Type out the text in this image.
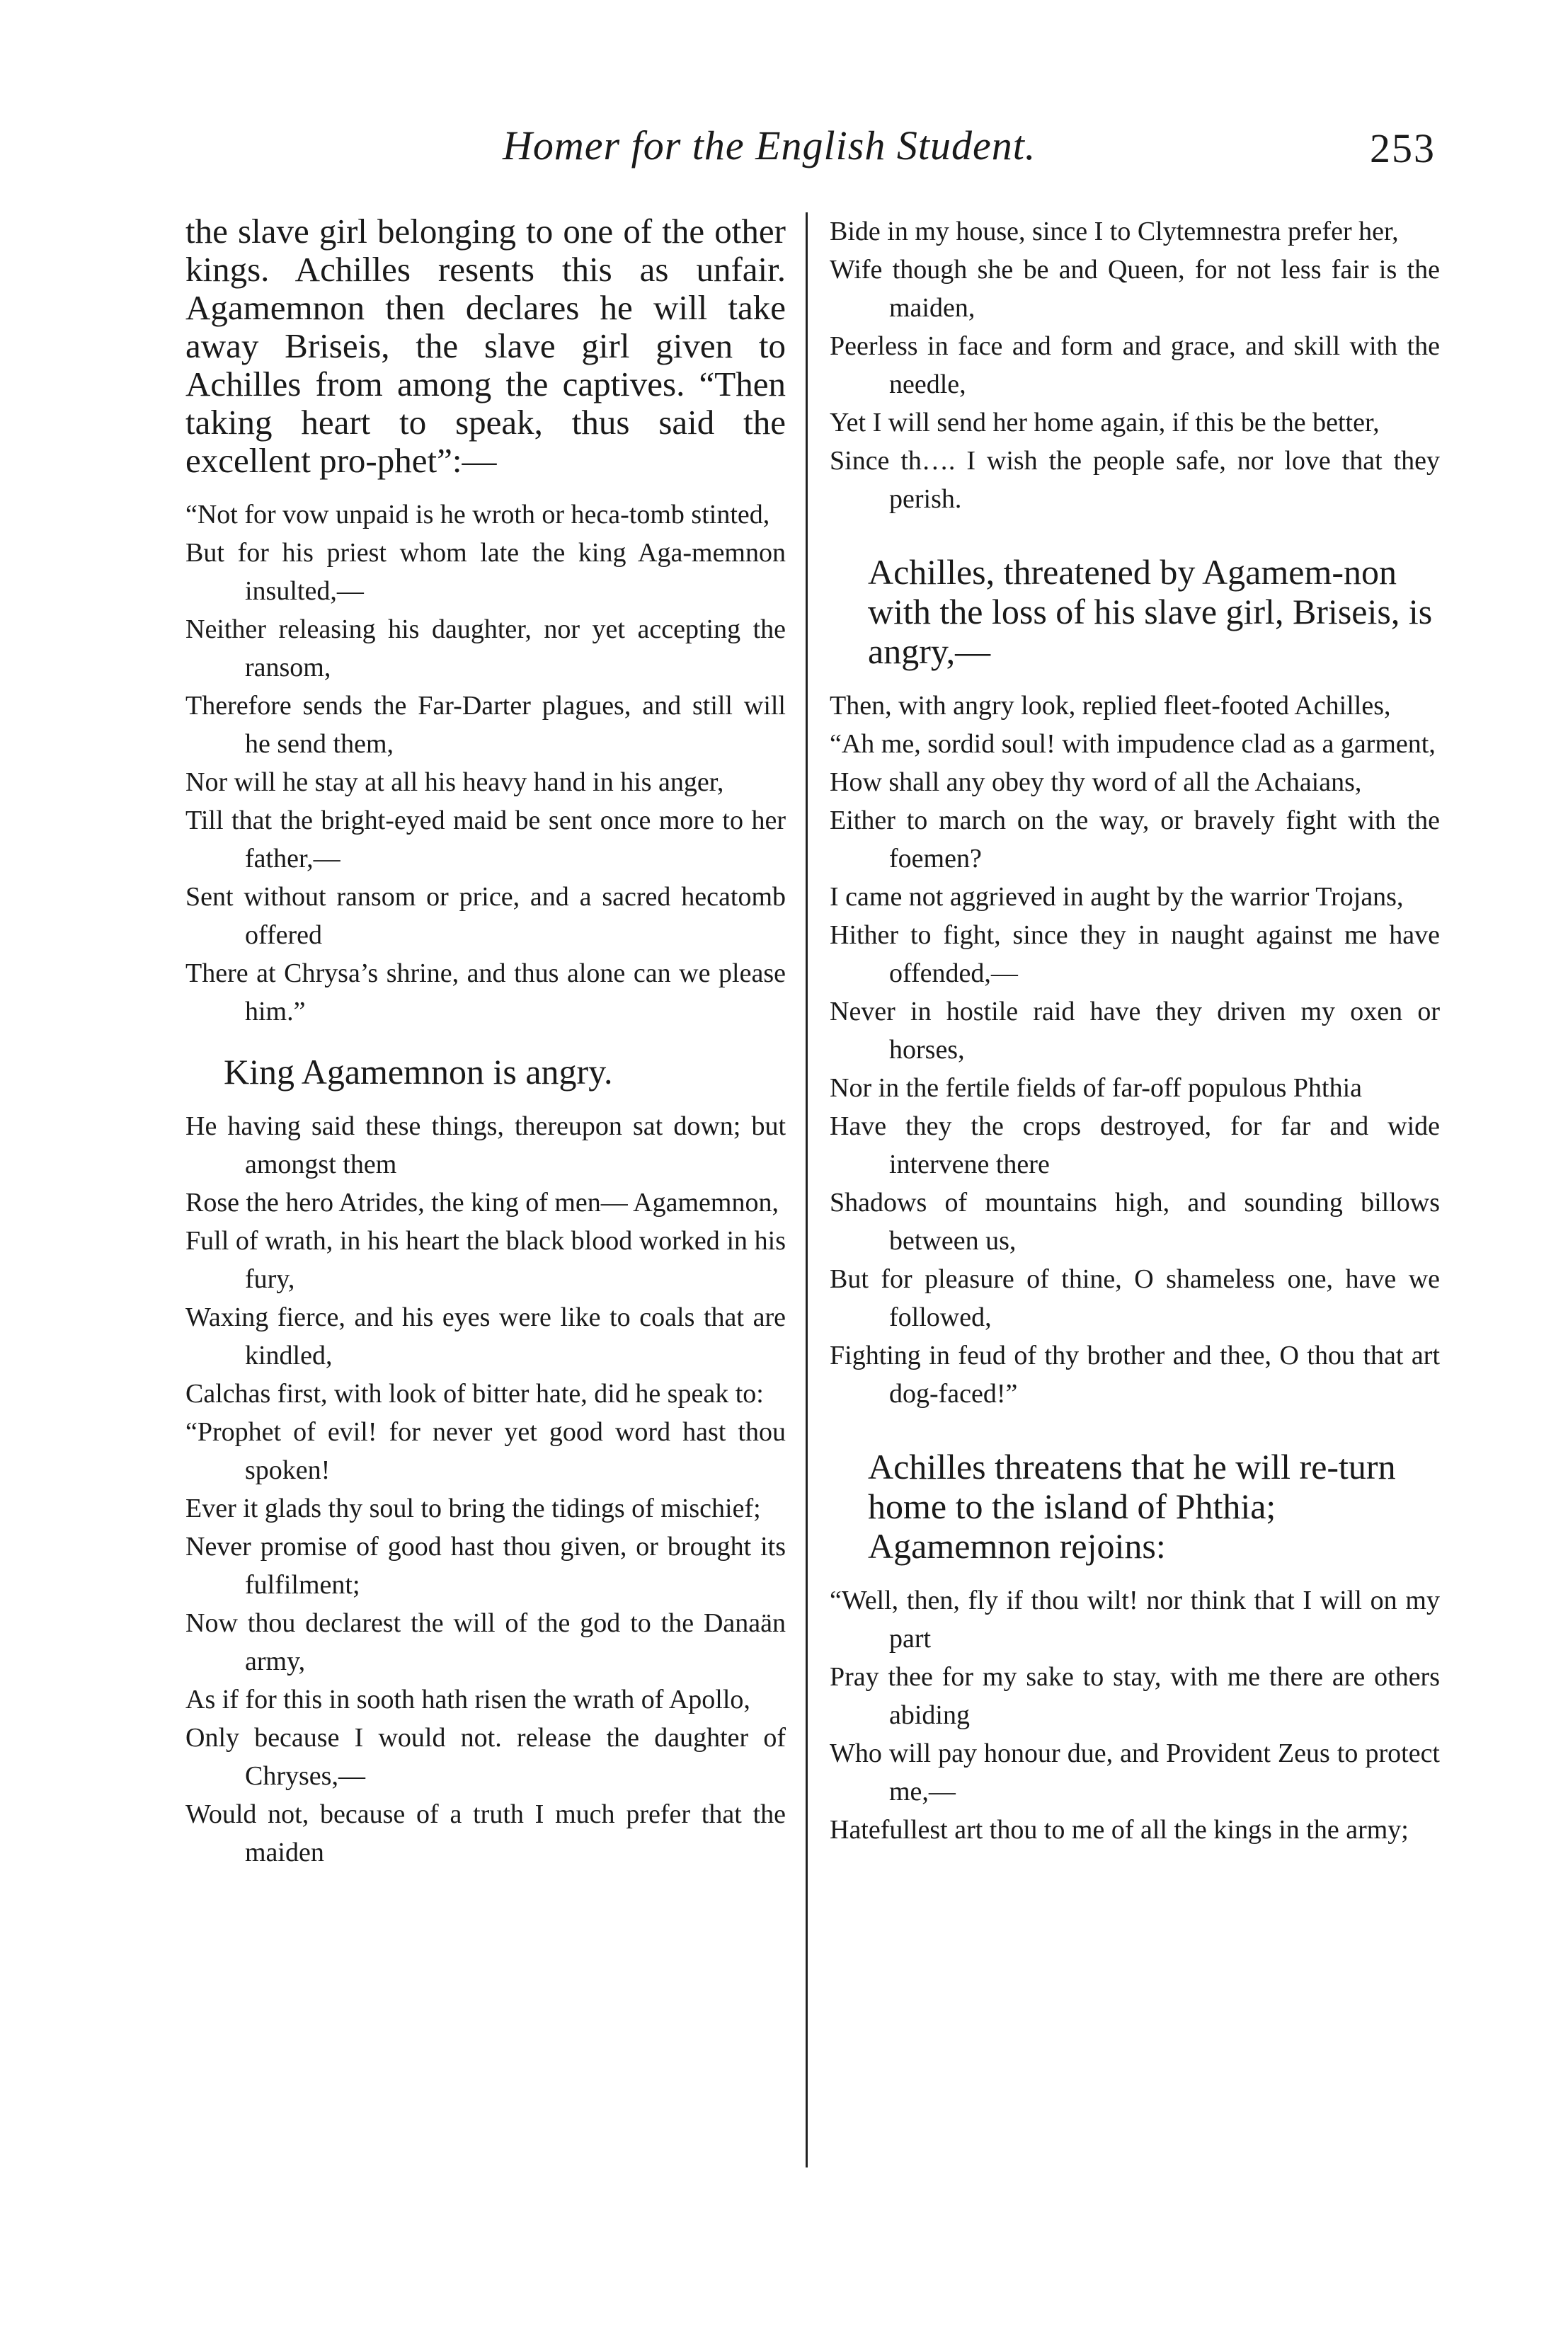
Homer for the English Student.	253

the slave girl belonging to one of the other kings. Achilles resents this as unfair. Agamemnon then declares he will take away Briseis, the slave girl given to Achilles from among the captives. “Then taking heart to speak, thus said the excellent pro-phet”:—

“Not for vow unpaid is he wroth or heca-tomb stinted,

But for his priest whom late the king Aga-memnon insulted,—

Neither releasing his daughter, nor yet accepting the ransom,

Therefore sends the Far-Darter plagues, and still will he send them,

Nor will he stay at all his heavy hand in his anger,

Till that the bright-eyed maid be sent once more to her father,—

Sent without ransom or price, and a sacred hecatomb offered

There at Chrysa’s shrine, and thus alone can we please him.”

King Agamemnon is angry.

He having said these things, thereupon sat down; but amongst them

Rose the hero Atrides, the king of men— Agamemnon,

Full of wrath, in his heart the black blood worked in his fury,

Waxing fierce, and his eyes were like to coals that are kindled,

Calchas first, with look of bitter hate, did he speak to:

“Prophet of evil! for never yet good word hast thou spoken!

Ever it glads thy soul to bring the tidings of mischief;

Never promise of good hast thou given, or brought its fulfilment;

Now thou declarest the will of the god to the Danaän army,

As if for this in sooth hath risen the wrath of Apollo,

Only because I would not. release the daughter of Chryses,—

Would not, because of a truth I much prefer that the maiden

Bide in my house, since I to Clytemnestra prefer her,

Wife though she be and Queen, for not less fair is the maiden,

Peerless in face and form and grace, and skill with the needle,

Yet I will send her home again, if this be the better,

Since th…. I wish the people safe, nor love that they perish.

Achilles, threatened by Agamem-non with the loss of his slave girl, Briseis, is angry,—

Then, with angry look, replied fleet-footed Achilles,

“Ah me, sordid soul! with impudence clad as a garment,

How shall any obey thy word of all the Achaians,

Either to march on the way, or bravely fight with the foemen?

I came not aggrieved in aught by the warrior Trojans,

Hither to fight, since they in naught against me have offended,—

Never in hostile raid have they driven my oxen or horses,

Nor in the fertile fields of far-off populous Phthia

Have they the crops destroyed, for far and wide intervene there

Shadows of mountains high, and sounding billows between us,

But for pleasure of thine, O shameless one, have we followed,

Fighting in feud of thy brother and thee, O thou that art dog-faced!”

Achilles threatens that he will re-turn home to the island of Phthia; Agamemnon rejoins:

“Well, then, fly if thou wilt! nor think that I will on my part

Pray thee for my sake to stay, with me there are others abiding

Who will pay honour due, and Provident Zeus to protect me,—

Hatefullest art thou to me of all the kings in the army;
